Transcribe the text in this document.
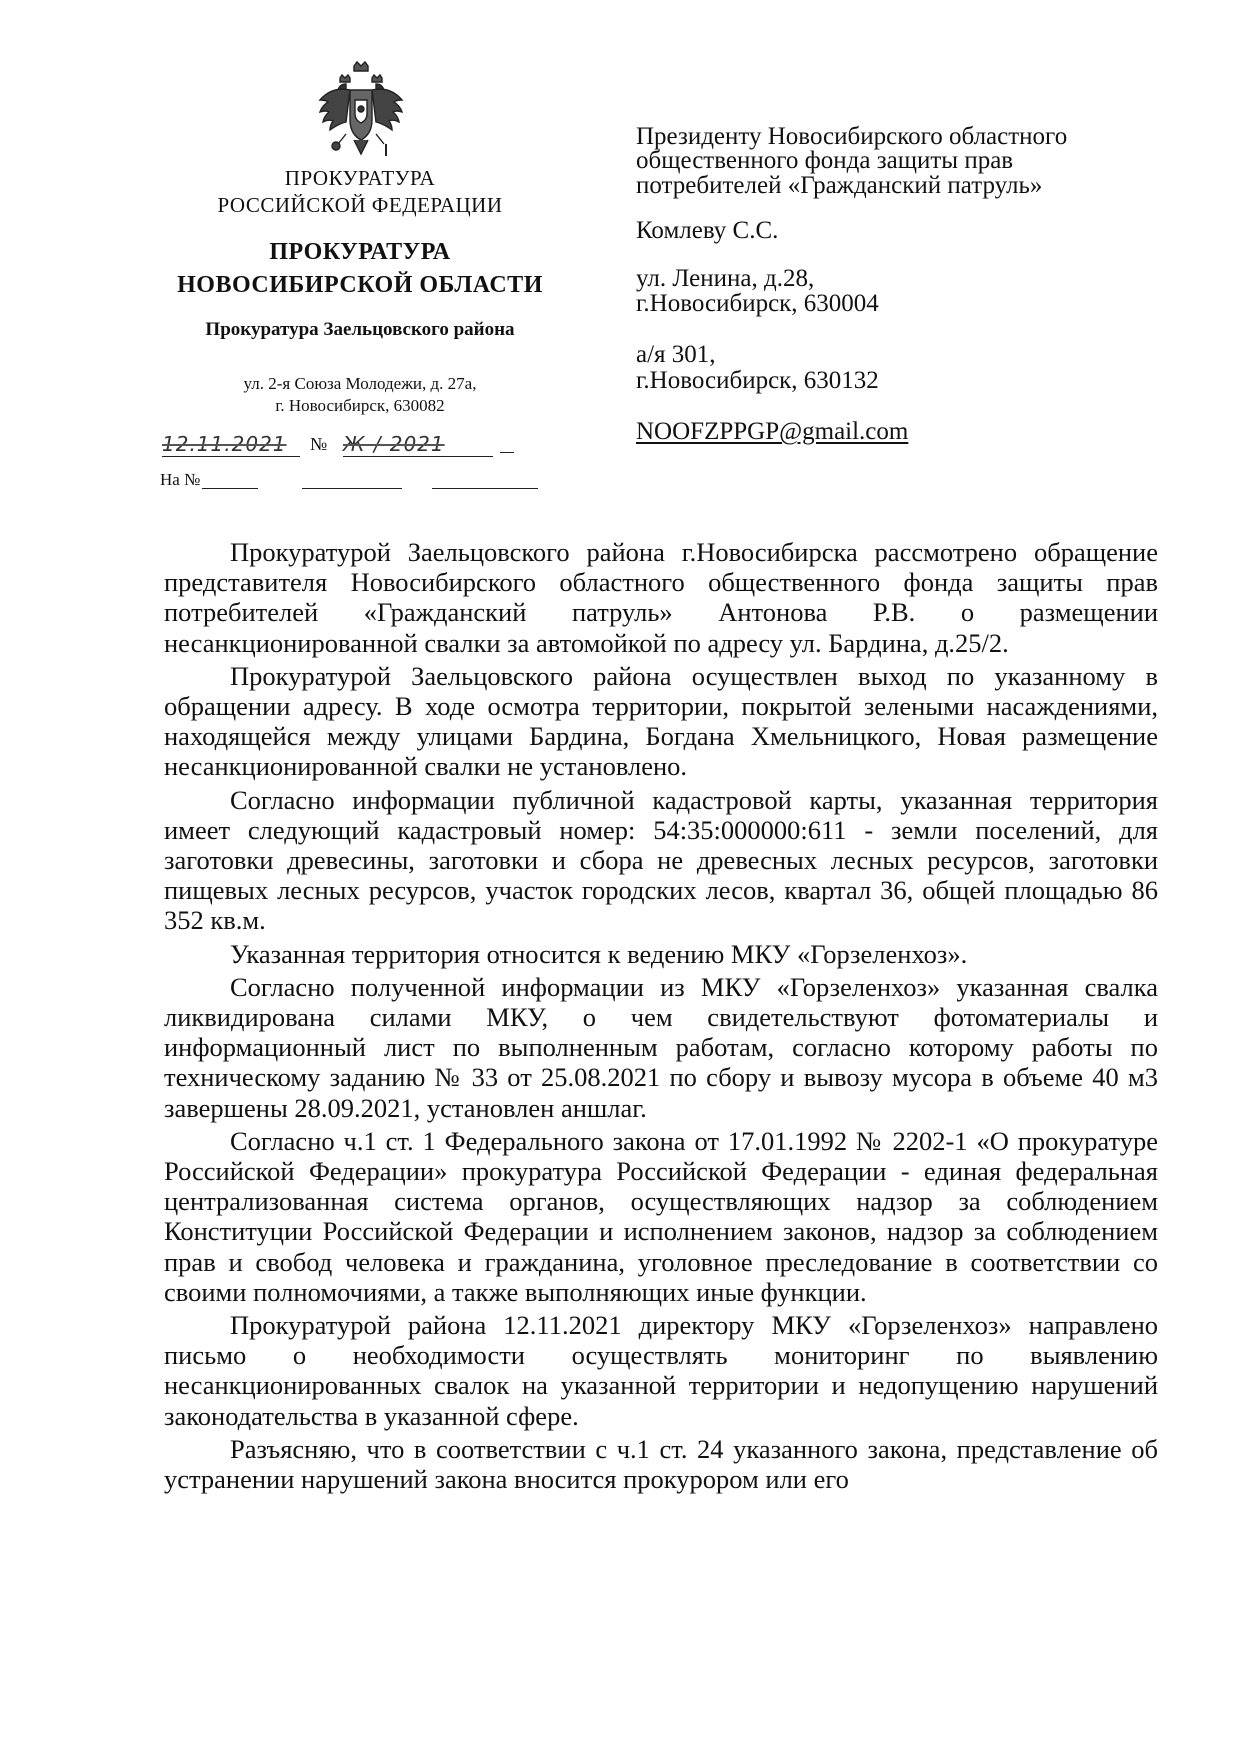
ПРОКУРАТУРА
РОССИЙСКОЙ ФЕДЕРАЦИИ
ПРОКУРАТУРА
НОВОСИБИРСКОЙ ОБЛАСТИ
Прокуратура Заельцовского района
ул. 2-я Союза Молодежи, д. 27а,
г. Новосибирск, 630082
12.11.2021	№ Ж-/-2021
На №
Президенту Новосибирского областного
общественного фонда защиты прав
потребителей «Гражданский патруль»
Комлеву С.С.
ул. Ленина, д.28,
г.Новосибирск, 630004
а/я 301,
г.Новосибирск, 630132
NOOFZPPGP@gmail.com

Прокуратурой Заельцовского района г.Новосибирска рассмотрено обращение представителя Новосибирского областного общественного фонда защиты прав потребителей «Гражданский патруль» Антонова Р.В. о размещении несанкционированной свалки за автомойкой по адресу ул. Бардина, д.25/2.

Прокуратурой Заельцовского района осуществлен выход по указанному в обращении адресу. В ходе осмотра территории, покрытой зелеными насаждениями, находящейся между улицами Бардина, Богдана Хмельницкого, Новая размещение несанкционированной свалки не установлено.

Согласно информации публичной кадастровой карты, указанная территория имеет следующий кадастровый номер: 54:35:000000:611 - земли поселений, для заготовки древесины, заготовки и сбора не древесных лесных ресурсов, заготовки пищевых лесных ресурсов, участок городских лесов, квартал 36, общей площадью 86 352 кв.м.

Указанная территория относится к ведению МКУ «Горзеленхоз».

Согласно полученной информации из МКУ «Горзеленхоз» указанная свалка ликвидирована силами МКУ, о чем свидетельствуют фотоматериалы и информационный лист по выполненным работам, согласно которому работы по техническому заданию № 33 от 25.08.2021 по сбору и вывозу мусора в объеме 40 м3 завершены 28.09.2021, установлен аншлаг.

Согласно ч.1 ст. 1 Федерального закона от 17.01.1992 № 2202-1 «О прокуратуре Российской Федерации» прокуратура Российской Федерации - единая федеральная централизованная система органов, осуществляющих надзор за соблюдением Конституции Российской Федерации и исполнением законов, надзор за соблюдением прав и свобод человека и гражданина, уголовное преследование в соответствии со своими полномочиями, а также выполняющих иные функции.

Прокуратурой района 12.11.2021 директору МКУ «Горзеленхоз» направлено письмо о необходимости осуществлять мониторинг по выявлению несанкционированных свалок на указанной территории и недопущению нарушений законодательства в указанной сфере.

Разъясняю, что в соответствии с ч.1 ст. 24 указанного закона, представление об устранении нарушений закона вносится прокурором или его
